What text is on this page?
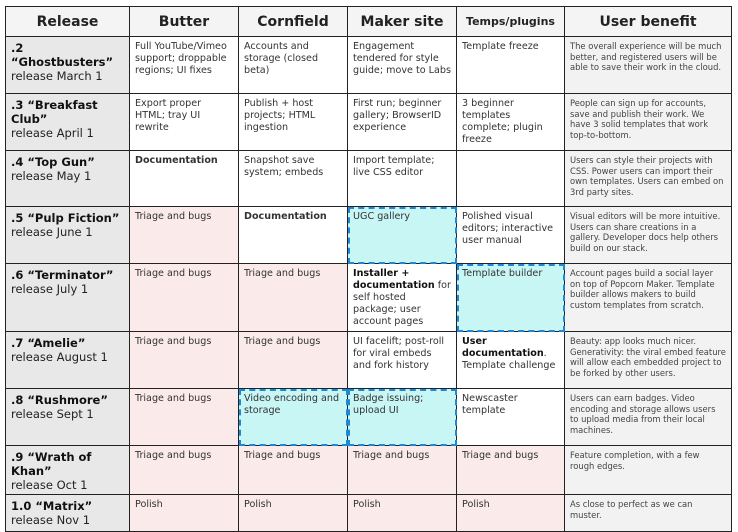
Release	Butter	Cornfield	Maker site	Temps/plugins	User benefit

.2 “Ghostbusters”
release March 1	Full YouTube/Vimeo support; droppable regions; UI fixes	Accounts and storage (closed beta)	Engagement tendered for style guide; move to Labs	Template freeze	The overall experience will be much better, and registered users will be able to save their work in the cloud.

.3 “Breakfast Club”
release April 1	Export proper HTML; tray UI rewrite	Publish + host projects; HTML ingestion	First run; beginner gallery; BrowserID experience	3 beginner templates complete; plugin freeze	People can sign up for accounts, save and publish their work. We have 3 solid templates that work top-to-bottom.

.4 “Top Gun”
release May 1	Documentation	Snapshot save system; embeds	Import template; live CSS editor		Users can style their projects with CSS. Power users can import their own templates. Users can embed on 3rd party sites.

.5 “Pulp Fiction”
release June 1	Triage and bugs	Documentation	UGC gallery	Polished visual editors; interactive user manual	Visual editors will be more intuitive. Users can share creations in a gallery. Developer docs help others build on our stack.

.6 “Terminator”
release July 1	Triage and bugs	Triage and bugs	Installer + documentation for self hosted package; user account pages	Template builder	Account pages build a social layer on top of Popcorn Maker. Template builder allows makers to build custom templates from scratch.

.7 “Amelie”
release August 1	Triage and bugs	Triage and bugs	UI facelift; post-roll for viral embeds and fork history	User documentation. Template challenge	Beauty: app looks much nicer. Generativity: the viral embed feature will allow each embedded project to be forked by other users.

.8 “Rushmore”
release Sept 1	Triage and bugs	Video encoding and storage	Badge issuing; upload UI	Newscaster template	Users can earn badges. Video encoding and storage allows users to upload media from their local machines.

.9 “Wrath of Khan”
release Oct 1	Triage and bugs	Triage and bugs	Triage and bugs	Triage and bugs	Feature completion, with a few rough edges.

1.0 “Matrix”
release Nov 1	Polish	Polish	Polish	Polish	As close to perfect as we can muster.
